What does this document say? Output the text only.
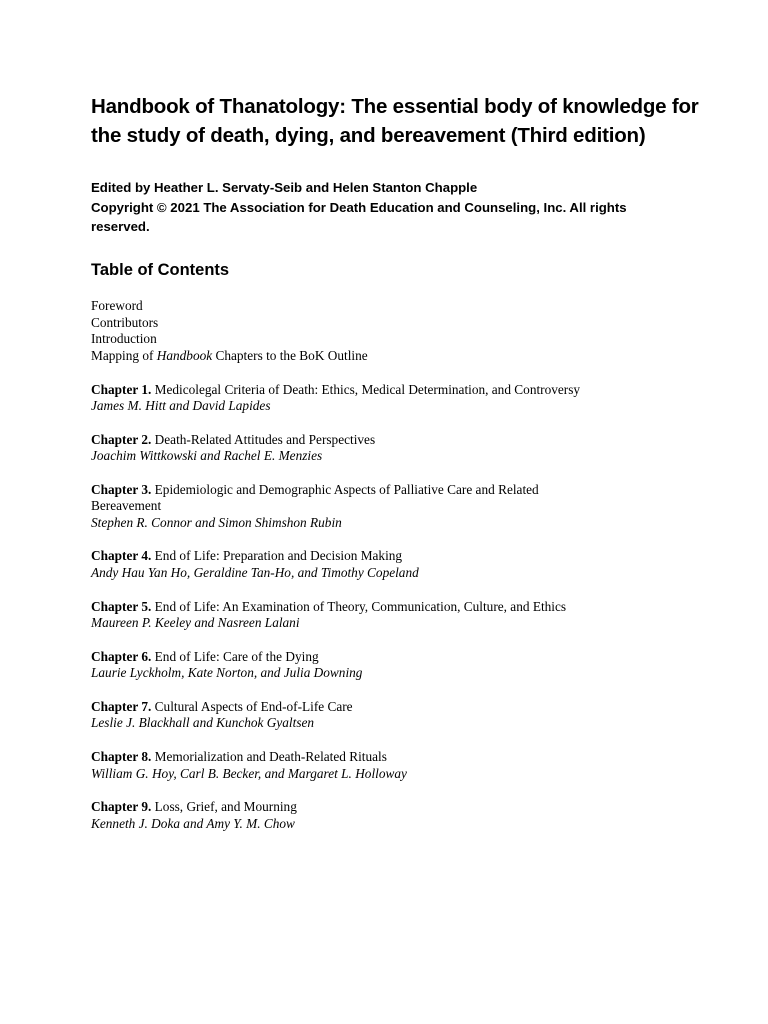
Handbook of Thanatology: The essential body of knowledge for the study of death, dying, and bereavement (Third edition)
Edited by Heather L. Servaty-Seib and Helen Stanton Chapple
Copyright © 2021 The Association for Death Education and Counseling, Inc. All rights reserved.
Table of Contents
Foreword
Contributors
Introduction
Mapping of Handbook Chapters to the BoK Outline
Chapter 1. Medicolegal Criteria of Death: Ethics, Medical Determination, and Controversy
James M. Hitt and David Lapides
Chapter 2. Death-Related Attitudes and Perspectives
Joachim Wittkowski and Rachel E. Menzies
Chapter 3. Epidemiologic and Demographic Aspects of Palliative Care and Related Bereavement
Stephen R. Connor and Simon Shimshon Rubin
Chapter 4. End of Life: Preparation and Decision Making
Andy Hau Yan Ho, Geraldine Tan-Ho, and Timothy Copeland
Chapter 5. End of Life: An Examination of Theory, Communication, Culture, and Ethics
Maureen P. Keeley and Nasreen Lalani
Chapter 6. End of Life: Care of the Dying
Laurie Lyckholm, Kate Norton, and Julia Downing
Chapter 7. Cultural Aspects of End-of-Life Care
Leslie J. Blackhall and Kunchok Gyaltsen
Chapter 8. Memorialization and Death-Related Rituals
William G. Hoy, Carl B. Becker, and Margaret L. Holloway
Chapter 9. Loss, Grief, and Mourning
Kenneth J. Doka and Amy Y. M. Chow
